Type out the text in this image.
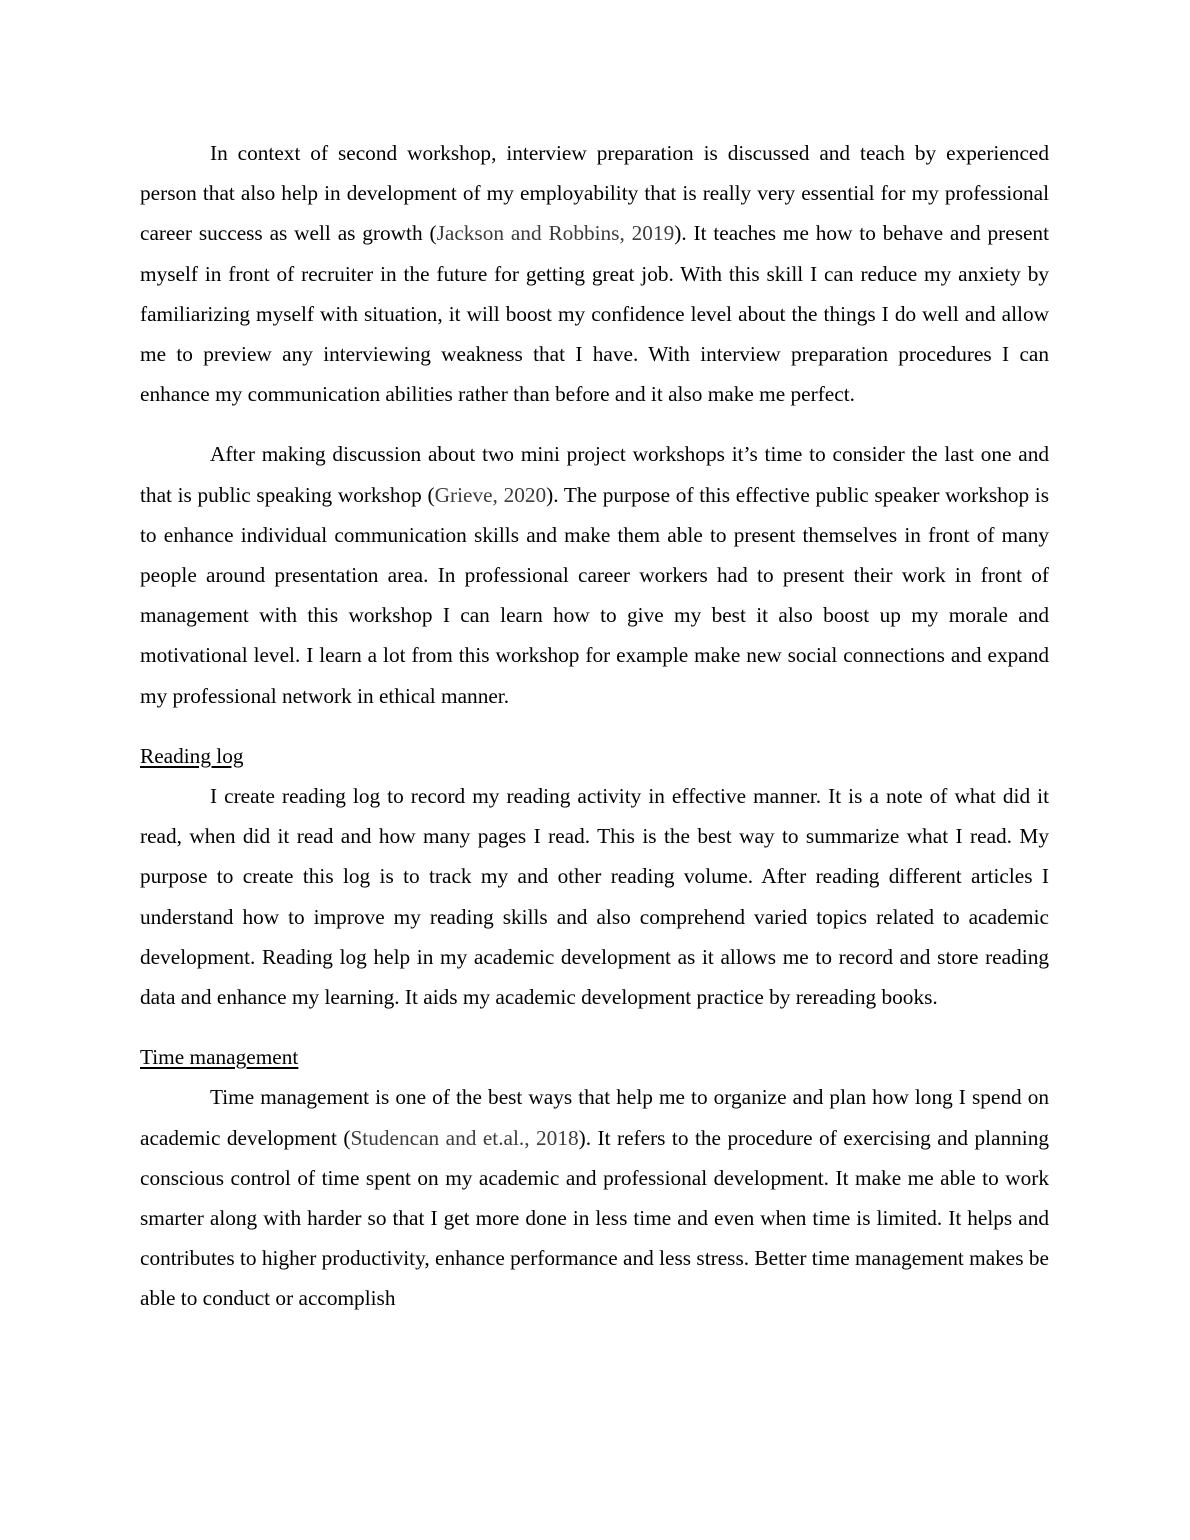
In context of second workshop, interview preparation is discussed and teach by experienced person that also help in development of my employability that is really very essential for my professional career success as well as growth (Jackson and Robbins, 2019). It teaches me how to behave and present myself in front of recruiter in the future for getting great job. With this skill I can reduce my anxiety by familiarizing myself with situation, it will boost my confidence level about the things I do well and allow me to preview any interviewing weakness that I have. With interview preparation procedures I can enhance my communication abilities rather than before and it also make me perfect.

After making discussion about two mini project workshops it’s time to consider the last one and that is public speaking workshop (Grieve, 2020). The purpose of this effective public speaker workshop is to enhance individual communication skills and make them able to present themselves in front of many people around presentation area. In professional career workers had to present their work in front of management with this workshop I can learn how to give my best it also boost up my morale and motivational level. I learn a lot from this workshop for example make new social connections and expand my professional network in ethical manner.

Reading log

I create reading log to record my reading activity in effective manner. It is a note of what did it read, when did it read and how many pages I read. This is the best way to summarize what I read. My purpose to create this log is to track my and other reading volume. After reading different articles I understand how to improve my reading skills and also comprehend varied topics related to academic development. Reading log help in my academic development as it allows me to record and store reading data and enhance my learning. It aids my academic development practice by rereading books.

Time management

Time management is one of the best ways that help me to organize and plan how long I spend on academic development (Studencan and et.al., 2018). It refers to the procedure of exercising and planning conscious control of time spent on my academic and professional development. It make me able to work smarter along with harder so that I get more done in less time and even when time is limited. It helps and contributes to higher productivity, enhance performance and less stress. Better time management makes be able to conduct or accomplish
